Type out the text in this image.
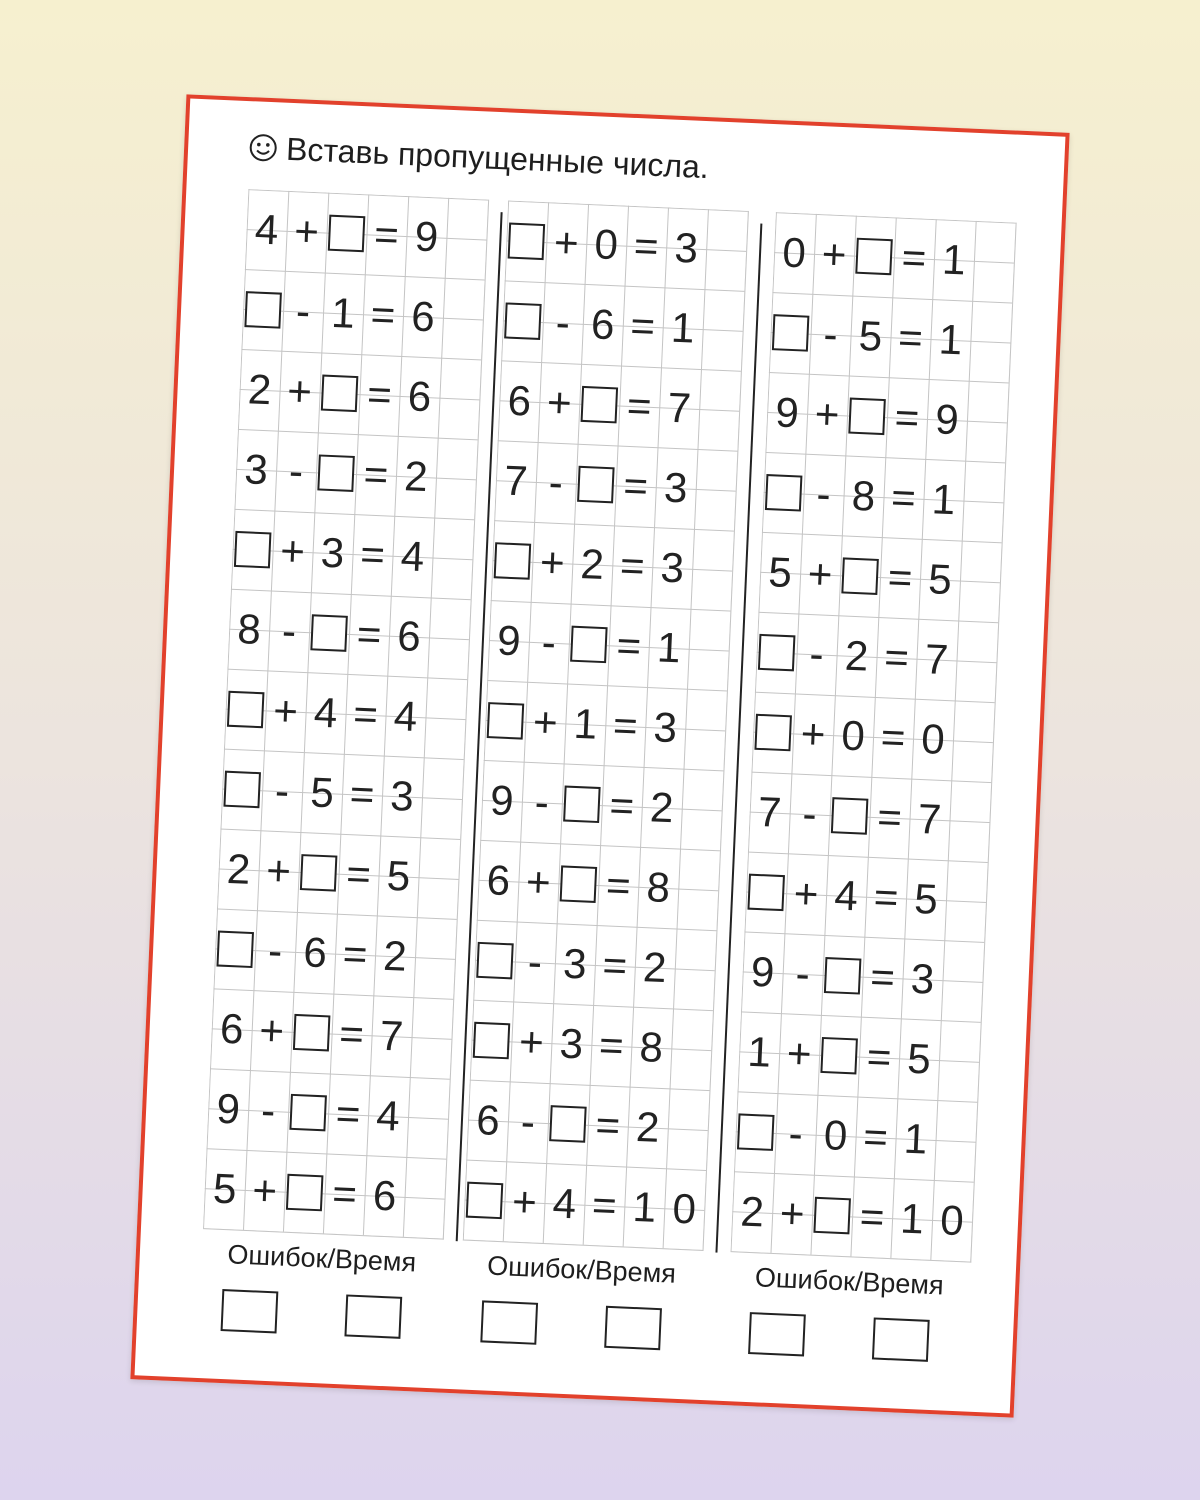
Вставь пропущенные числа.
4 + = 9
- 1 = 6
2 + = 6
3 -	= 2
+ 3 = 4
8 -	= 6
+ 4 = 4
- 5 = 3
2 + = 5
- 6 = 2
6 + = 7
9 -	= 4
5 + = 6
+ 0 = 3
- 6 = 1
6 + = 7
7 -	= 3
+ 2 = 3
9 -	= 1
+ 1 = 3
9 -	= 2
6 + = 8
- 3 = 2
+ 3 = 8
6 -	= 2
+ 4 = 1 0
0 + = 1
- 5 = 1
9 + = 9
- 8 = 1
5 + = 5
- 2 = 7
+ 0 = 0
7 -	= 7
+ 4 = 5
9 -	= 3
1 + = 5
- 0 = 1
2 + = 1 0
Ошибок/Время	Ошибок/Время	Ошибок/Время
